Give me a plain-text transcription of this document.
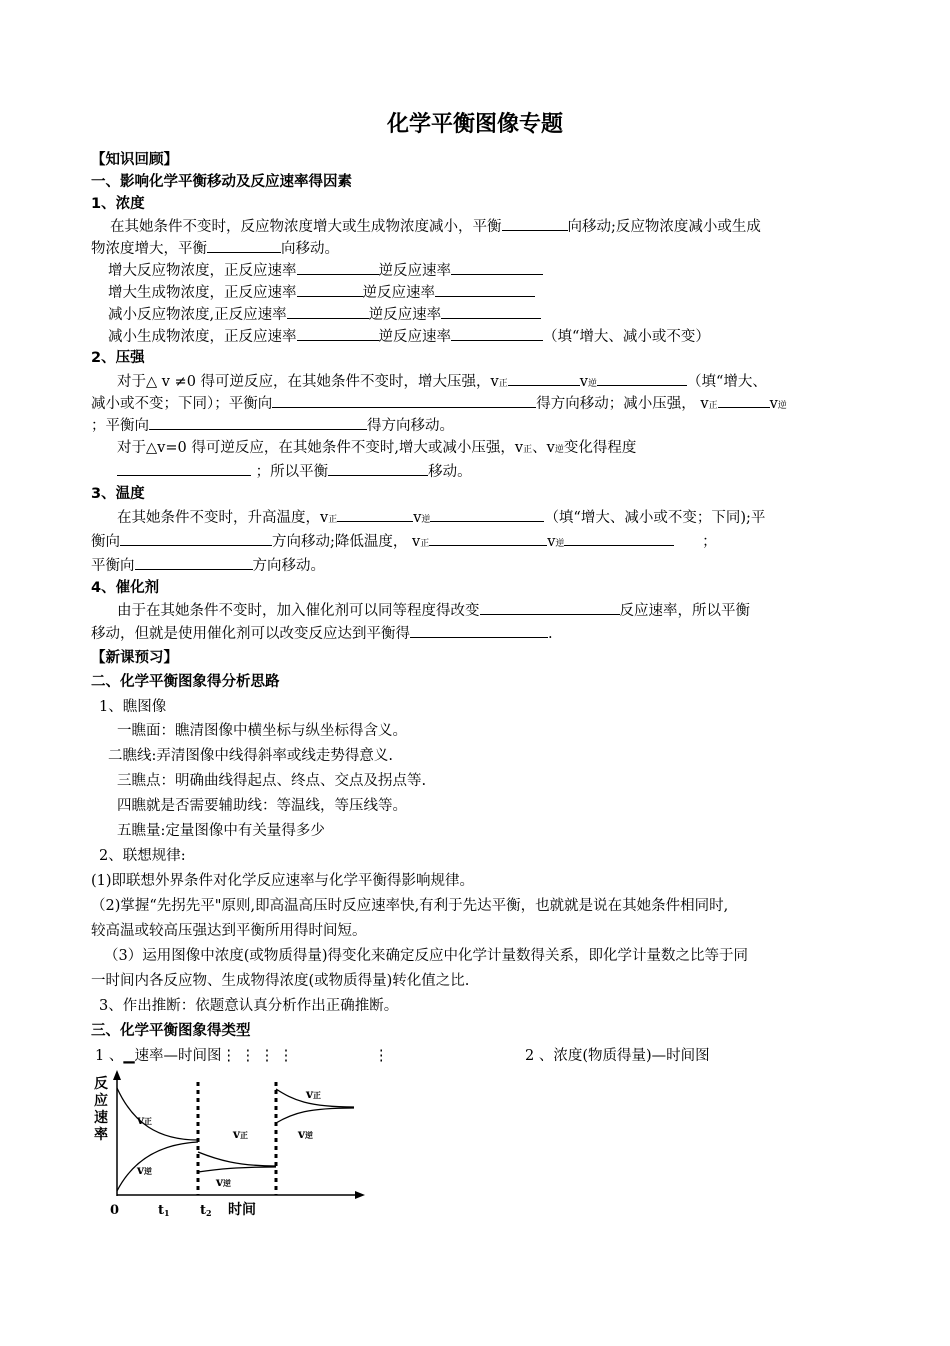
化学平衡图像专题
【知识回顾】
一、影响化学平衡移动及反应速率得因素
1、浓度
在其她条件不变时，反应物浓度增大或生成物浓度减小，平衡	向移动;反应物浓度减小或生成
物浓度增大，平衡	向移动。
增大反应物浓度，正反应速率	逆反应速率
增大生成物浓度，正反应速率	逆反应速率
减小反应物浓度,正反应速率	逆反应速率
减小生成物浓度，正反应速率	逆反应速率	（填“增大、减小或不变）
2、压强
对于△ v ≠0 得可逆反应，在其她条件不变时，增大压强，v正	v逆	（填“增大、
减小或不变；下同）；平衡向	得方向移动；减小压强， v正	v逆
；平衡向	得方向移动。
对于△v=0 得可逆反应，在其她条件不变时,增大或减小压强，v正、v逆变化得程度
；所以平衡	移动。
3、温度
在其她条件不变时，升高温度，v正	v逆	（填“增大、减小或不变；下同);平
衡向	方向移动;降低温度， v正	v逆	；
平衡向	方向移动。
4、催化剂
由于在其她条件不变时，加入催化剂可以同等程度得改变	反应速率，所以平衡
移动，但就是使用催化剂可以改变反应达到平衡得	.
【新课预习】
二、化学平衡图象得分析思路
1、瞧图像
一瞧面：瞧清图像中横坐标与纵坐标得含义。
二瞧线:弄清图像中线得斜率或线走势得意义.
三瞧点：明确曲线得起点、终点、交点及拐点等.
四瞧就是否需要辅助线：等温线，等压线等。
五瞧量:定量图像中有关量得多少
2、联想规律:
(1)即联想外界条件对化学反应速率与化学平衡得影响规律。
（2)掌握“先拐先平"原则,即高温高压时反应速率快,有利于先达平衡，也就就是说在其她条件相同时,
较高温或较高压强达到平衡所用得时间短。
（3）运用图像中浓度(或物质得量)得变化来确定反应中化学计量数得关系，即化学计量数之比等于同
一时间内各反应物、生成物得浓度(或物质得量)转化值之比.
3、作出推断：依题意认真分析作出正确推断。
三、化学平衡图象得类型
1 、▁速率—时间图⋮ ⋮ ⋮ ⋮	⋮	2 、浓度(物质得量)—时间图
反应速率
0	t1 t2 时间
v正
v逆
v正
v逆
v正
v逆
